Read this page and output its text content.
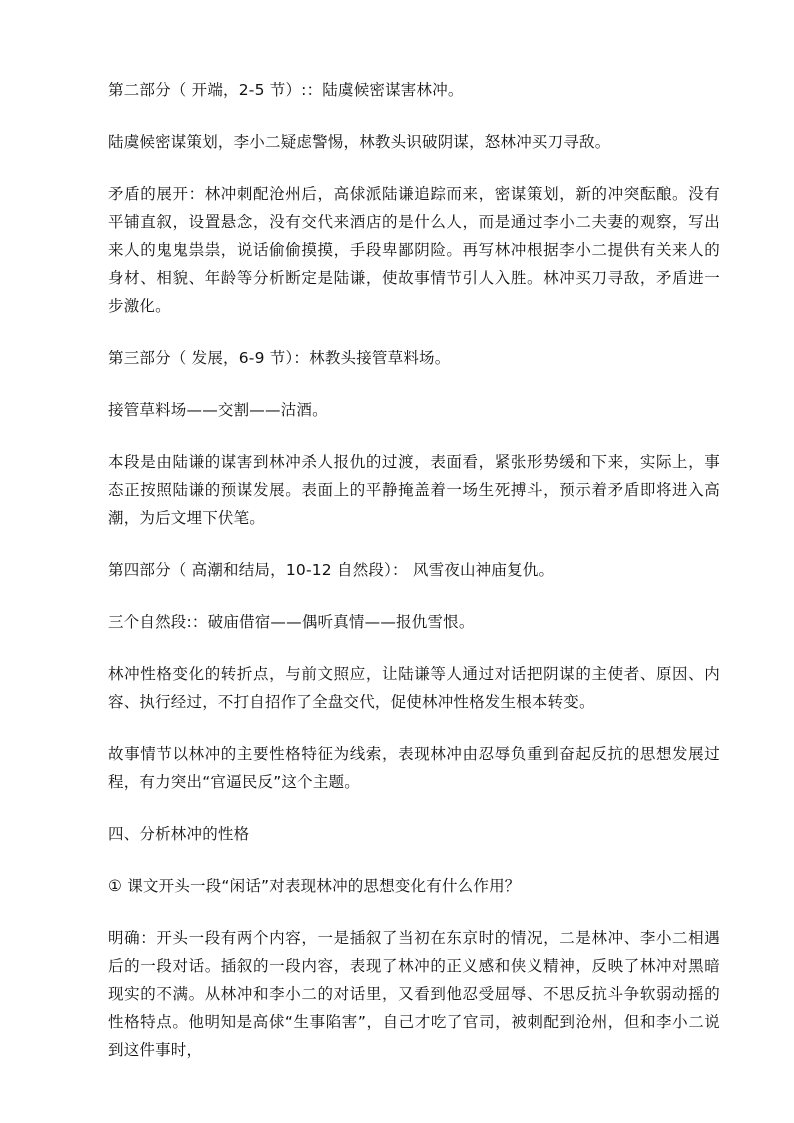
第二部分（ 开端，2-5 节）:：陆虞候密谋害林冲。

陆虞候密谋策划，李小二疑虑警惕，林教头识破阴谋，怒林冲买刀寻敌。

矛盾的展开：林冲刺配沧州后，高俅派陆谦追踪而来，密谋策划，新的冲突酝酿。没有平铺直叙，设置悬念，没有交代来酒店的是什么人，而是通过李小二夫妻的观察，写出来人的鬼鬼祟祟，说话偷偷摸摸，手段卑鄙阴险。再写林冲根据李小二提供有关来人的身材、相貌、年龄等分析断定是陆谦，使故事情节引人入胜。林冲买刀寻敌，矛盾进一步激化。

第三部分（ 发展，6-9 节）：林教头接管草料场。

接管草料场——交割——沽酒。

本段是由陆谦的谋害到林冲杀人报仇的过渡，表面看，紧张形势缓和下来，实际上，事态正按照陆谦的预谋发展。表面上的平静掩盖着一场生死搏斗，预示着矛盾即将进入高潮，为后文埋下伏笔。

第四部分（ 高潮和结局，10-12 自然段）： 风雪夜山神庙复仇。

三个自然段:：破庙借宿——偶听真情——报仇雪恨。

林冲性格变化的转折点，与前文照应，让陆谦等人通过对话把阴谋的主使者、原因、内容、执行经过，不打自招作了全盘交代，促使林冲性格发生根本转变。

故事情节以林冲的主要性格特征为线索，表现林冲由忍辱负重到奋起反抗的思想发展过程，有力突出“官逼民反”这个主题。

四、分析林冲的性格

① 课文开头一段“闲话”对表现林冲的思想变化有什么作用？

明确：开头一段有两个内容，一是插叙了当初在东京时的情况，二是林冲、李小二相遇后的一段对话。插叙的一段内容，表现了林冲的正义感和侠义精神，反映了林冲对黑暗现实的不满。从林冲和李小二的对话里，又看到他忍受屈辱、不思反抗斗争软弱动摇的性格特点。他明知是高俅“生事陷害”，自己才吃了官司，被刺配到沧州，但和李小二说到这件事时，
